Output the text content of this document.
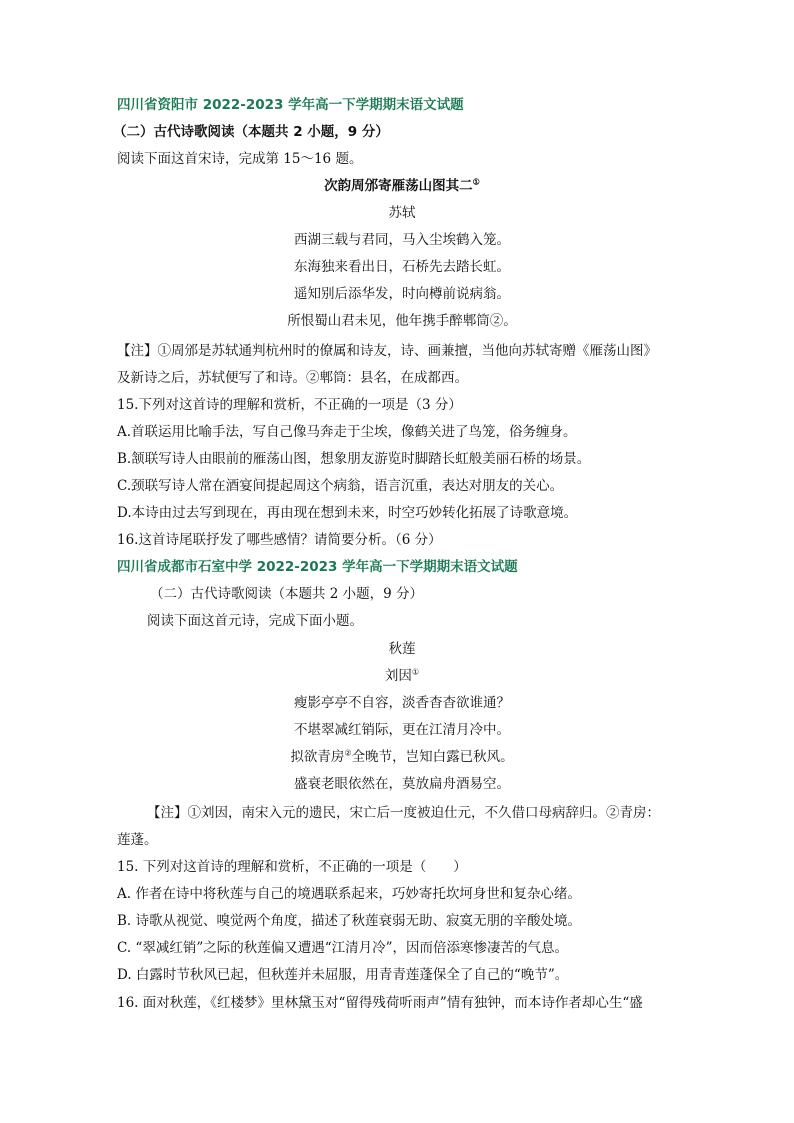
四川省资阳市 2022-2023 学年高一下学期期末语文试题
（二）古代诗歌阅读（本题共 2 小题，9 分）
阅读下面这首宋诗，完成第 15～16 题。
次韵周邠寄雁荡山图其二①
苏轼
西湖三载与君同，马入尘埃鹤入笼。
东海独来看出日，石桥先去踏长虹。
遥知别后添华发，时向樽前说病翁。
所恨蜀山君未见，他年携手醉郫筒②。
【注】①周邠是苏轼通判杭州时的僚属和诗友，诗、画兼擅，当他向苏轼寄赠《雁荡山图》
及新诗之后，苏轼便写了和诗。②郫筒：县名，在成都西。
15.下列对这首诗的理解和赏析，不正确的一项是（3 分）
A.首联运用比喻手法，写自己像马奔走于尘埃，像鹤关进了鸟笼，俗务缠身。
B.颔联写诗人由眼前的雁荡山图，想象朋友游览时脚踏长虹般美丽石桥的场景。
C.颈联写诗人常在酒宴间提起周这个病翁，语言沉重，表达对朋友的关心。
D.本诗由过去写到现在，再由现在想到未来，时空巧妙转化拓展了诗歌意境。
16.这首诗尾联抒发了哪些感情？请简要分析。（6 分）
四川省成都市石室中学 2022-2023 学年高一下学期期末语文试题
（二）古代诗歌阅读（本题共 2 小题，9 分）
阅读下面这首元诗，完成下面小题。
秋莲
刘因①
瘦影亭亭不自容，淡香杳杳欲谁通？
不堪翠减红销际，更在江清月冷中。
拟欲青房②全晚节，岂知白露已秋风。
盛衰老眼依然在，莫放扁舟酒易空。
【注】①刘因，南宋入元的遗民，宋亡后一度被迫仕元，不久借口母病辞归。②青房：
莲蓬。
15. 下列对这首诗的理解和赏析，不正确的一项是（　　）
A. 作者在诗中将秋莲与自己的境遇联系起来，巧妙寄托坎坷身世和复杂心绪。
B. 诗歌从视觉、嗅觉两个角度，描述了秋莲衰弱无助、寂寞无朋的辛酸处境。
C. “翠减红销”之际的秋莲偏又遭遇“江清月冷”，因而倍添寒惨凄苦的气息。
D. 白露时节秋风已起，但秋莲并未屈服，用青青莲蓬保全了自己的“晚节”。
16. 面对秋莲，《红楼梦》里林黛玉对“留得残荷听雨声”情有独钟，而本诗作者却心生“盛
